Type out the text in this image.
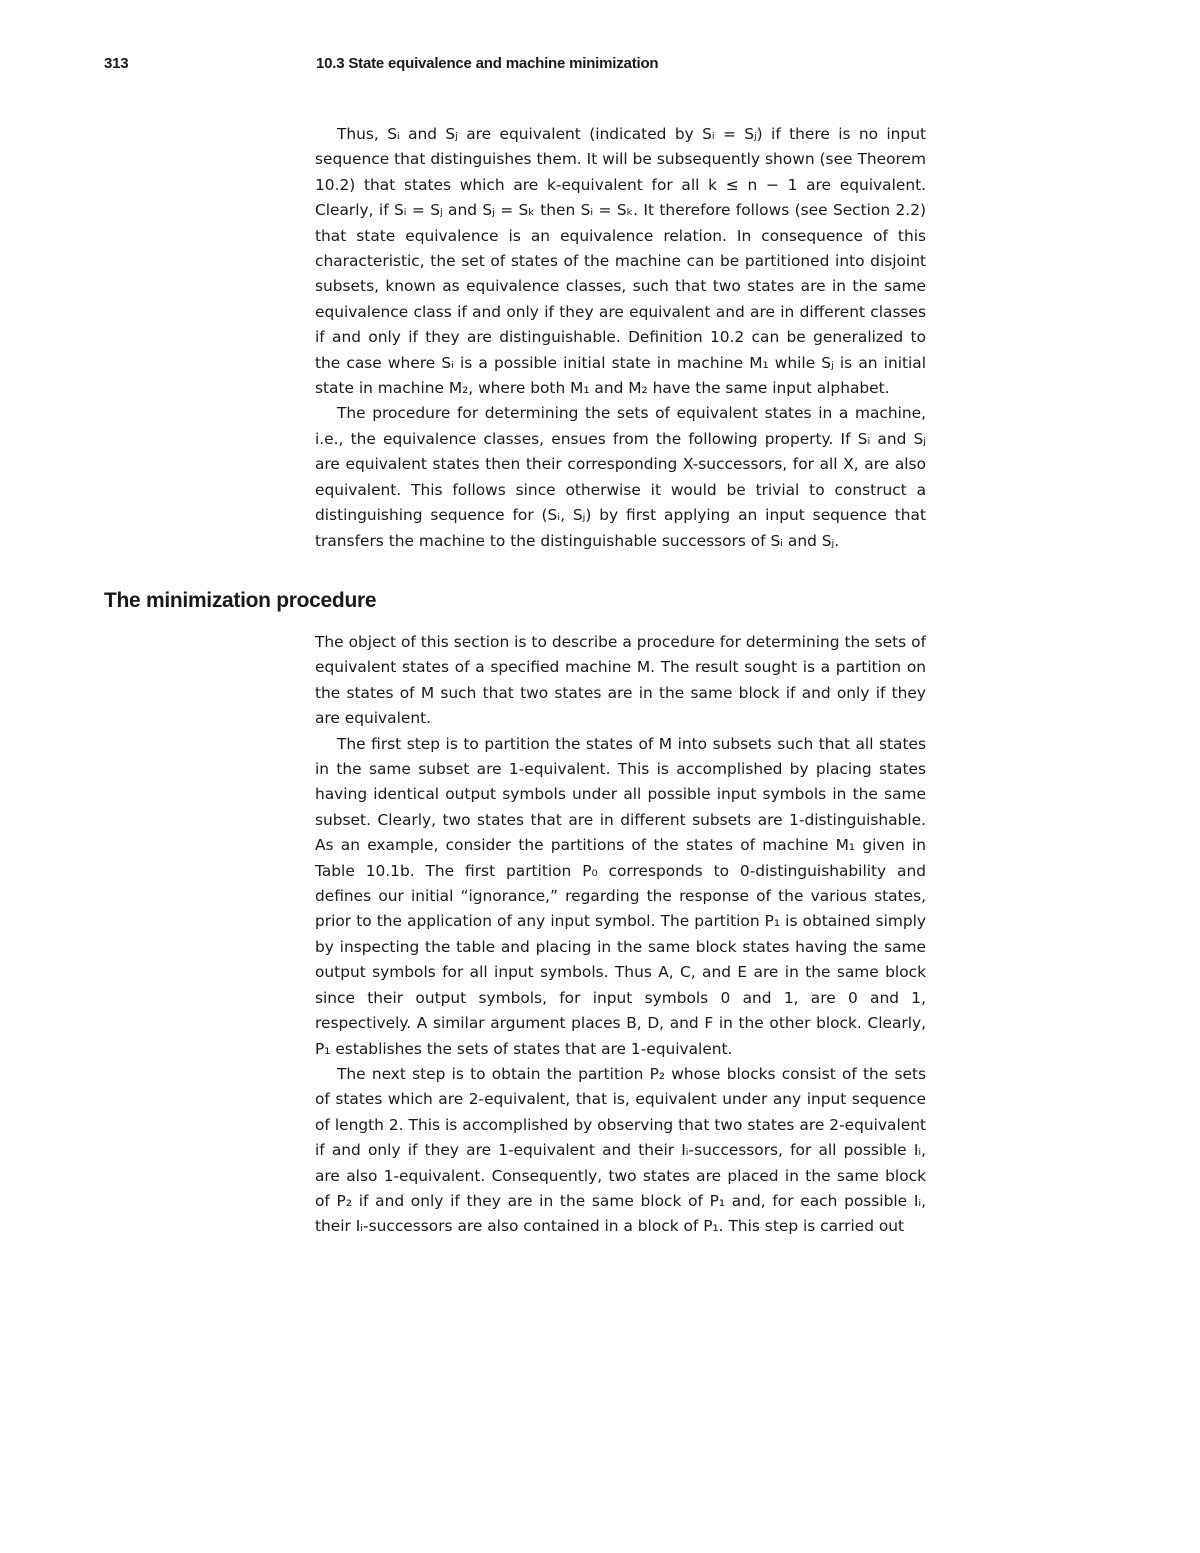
313	10.3 State equivalence and machine minimization

Thus, Sᵢ and Sⱼ are equivalent (indicated by Sᵢ = Sⱼ) if there is no input sequence that distinguishes them. It will be subsequently shown (see Theorem 10.2) that states which are k-equivalent for all k ≤ n − 1 are equivalent. Clearly, if Sᵢ = Sⱼ and Sⱼ = Sₖ then Sᵢ = Sₖ. It therefore follows (see Section 2.2) that state equivalence is an equivalence relation. In consequence of this characteristic, the set of states of the machine can be partitioned into disjoint subsets, known as equivalence classes, such that two states are in the same equivalence class if and only if they are equivalent and are in different classes if and only if they are distinguishable. Definition 10.2 can be generalized to the case where Sᵢ is a possible initial state in machine M₁ while Sⱼ is an initial state in machine M₂, where both M₁ and M₂ have the same input alphabet.

The procedure for determining the sets of equivalent states in a machine, i.e., the equivalence classes, ensues from the following property. If Sᵢ and Sⱼ are equivalent states then their corresponding X-successors, for all X, are also equivalent. This follows since otherwise it would be trivial to construct a distinguishing sequence for (Sᵢ, Sⱼ) by first applying an input sequence that transfers the machine to the distinguishable successors of Sᵢ and Sⱼ.

The minimization procedure

The object of this section is to describe a procedure for determining the sets of equivalent states of a specified machine M. The result sought is a partition on the states of M such that two states are in the same block if and only if they are equivalent.

The first step is to partition the states of M into subsets such that all states in the same subset are 1-equivalent. This is accomplished by placing states having identical output symbols under all possible input symbols in the same subset. Clearly, two states that are in different subsets are 1-distinguishable. As an example, consider the partitions of the states of machine M₁ given in Table 10.1b. The first partition P₀ corresponds to 0-distinguishability and defines our initial “ignorance,” regarding the response of the various states, prior to the application of any input symbol. The partition P₁ is obtained simply by inspecting the table and placing in the same block states having the same output symbols for all input symbols. Thus A, C, and E are in the same block since their output symbols, for input symbols 0 and 1, are 0 and 1, respectively. A similar argument places B, D, and F in the other block. Clearly, P₁ establishes the sets of states that are 1-equivalent.

The next step is to obtain the partition P₂ whose blocks consist of the sets of states which are 2-equivalent, that is, equivalent under any input sequence of length 2. This is accomplished by observing that two states are 2-equivalent if and only if they are 1-equivalent and their Iᵢ-successors, for all possible Iᵢ, are also 1-equivalent. Consequently, two states are placed in the same block of P₂ if and only if they are in the same block of P₁ and, for each possible Iᵢ, their Iᵢ-successors are also contained in a block of P₁. This step is carried out
